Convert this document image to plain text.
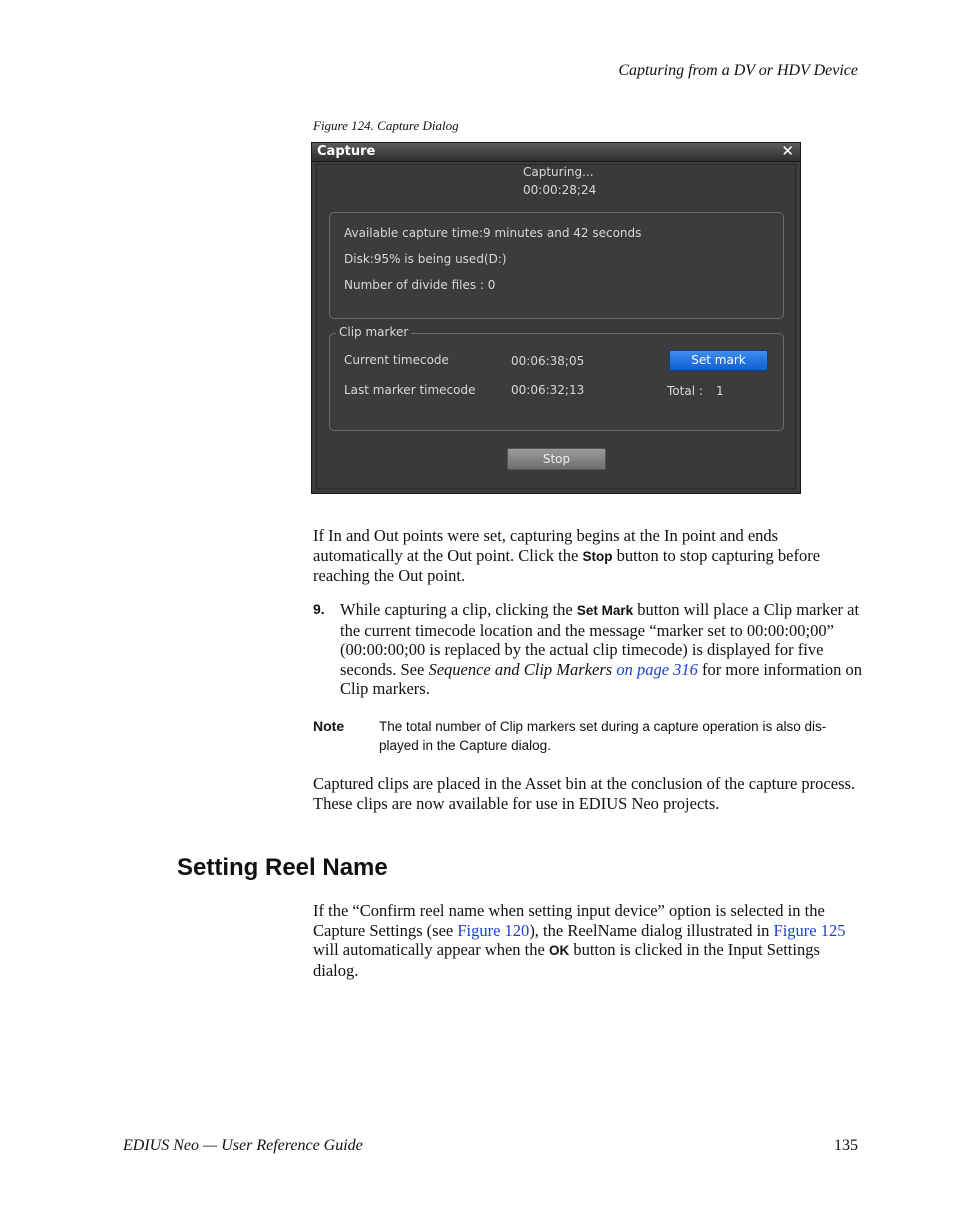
Capturing from a DV or HDV Device
Figure 124. Capture Dialog
Capture	✕
Capturing...
00:00:28;24
Available capture time:9 minutes and 42 seconds
Disk:95% is being used(D:)
Number of divide files : 0
Clip marker
Current timecode	00:06:38;05
Last marker timecode	00:06:32;13
Set mark
Total : 1
Stop
If In and Out points were set, capturing begins at the In point and ends automatically at the Out point. Click the Stop button to stop capturing before reaching the Out point.
9. While capturing a clip, clicking the Set Mark button will place a Clip marker at the current timecode location and the message “marker set to 00:00:00;00” (00:00:00;00 is replaced by the actual clip timecode) is displayed for five seconds. See Sequence and Clip Markers on page 316 for more information on Clip markers.
Note	The total number of Clip markers set during a capture operation is also dis-played in the Capture dialog.
Captured clips are placed in the Asset bin at the conclusion of the capture process. These clips are now available for use in EDIUS Neo projects.
Setting Reel Name
If the “Confirm reel name when setting input device” option is selected in the Capture Settings (see Figure 120), the ReelName dialog illustrated in Figure 125 will automatically appear when the OK button is clicked in the Input Settings dialog.
EDIUS Neo — User Reference Guide	135
